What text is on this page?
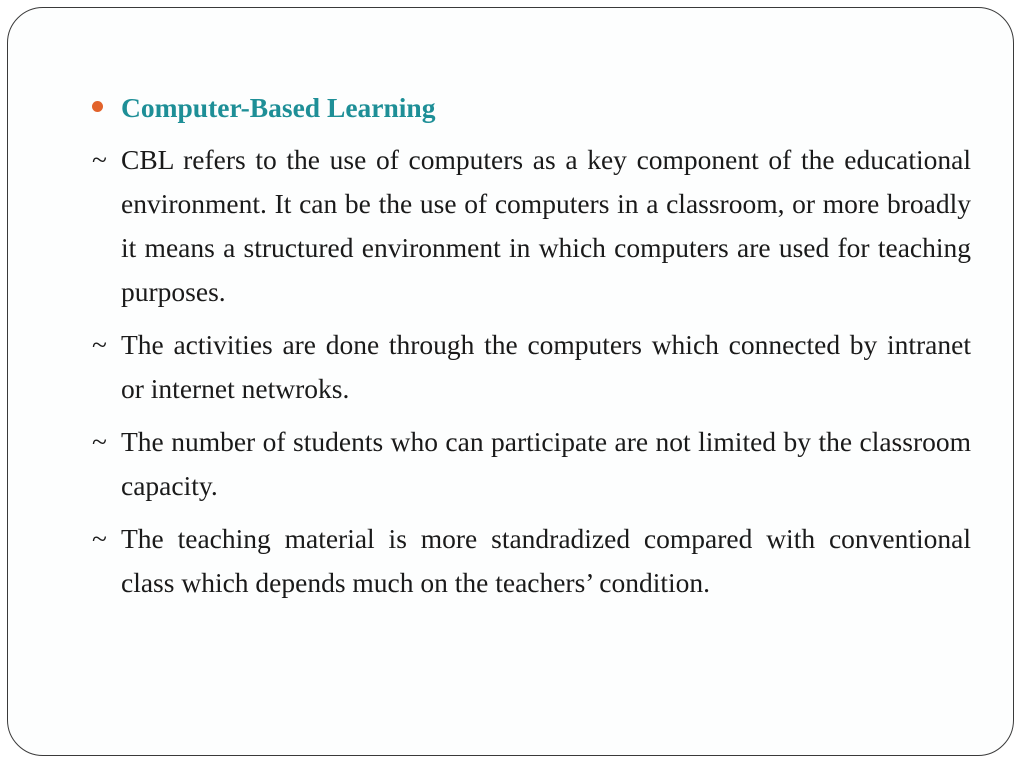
Computer-Based Learning
~ CBL refers to the use of computers as a key component of the educational environment. It can be the use of computers in a classroom, or more broadly it means a structured environment in which computers are used for teaching purposes.
~ The activities are done through the computers which connected by intranet or internet netwroks.
~ The number of students who can participate are not limited by the classroom capacity.
~ The teaching material is more standradized compared with conventional class which depends much on the teachers’ condition.
